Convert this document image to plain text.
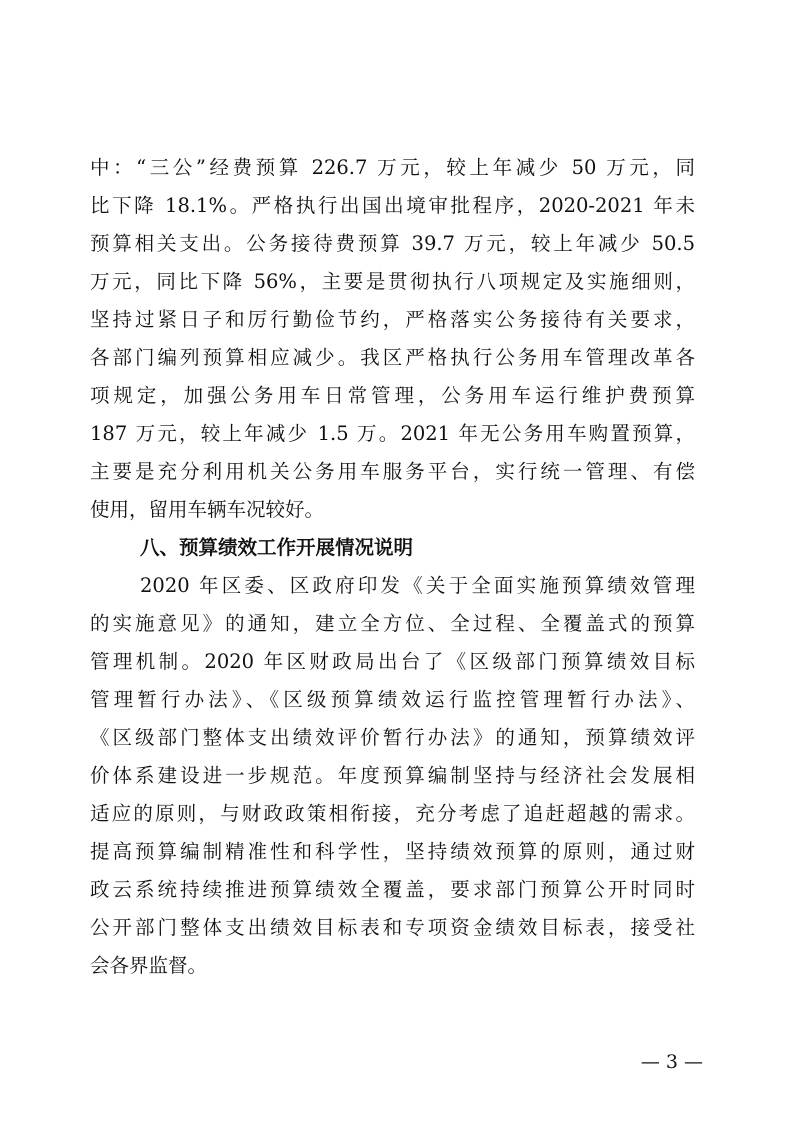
中：“三公”经费预算 226.7 万元，较上年减少 50 万元，同
比下降 18.1%。严格执行出国出境审批程序，2020-2021 年未
预算相关支出。公务接待费预算 39.7 万元，较上年减少 50.5
万元，同比下降 56%，主要是贯彻执行八项规定及实施细则，
坚持过紧日子和厉行勤俭节约，严格落实公务接待有关要求，
各部门编列预算相应减少。我区严格执行公务用车管理改革各
项规定，加强公务用车日常管理，公务用车运行维护费预算
187 万元，较上年减少 1.5 万。2021 年无公务用车购置预算，
主要是充分利用机关公务用车服务平台，实行统一管理、有偿
使用，留用车辆车况较好。
八、预算绩效工作开展情况说明
2020 年区委、区政府印发《关于全面实施预算绩效管理
的实施意见》的通知，建立全方位、全过程、全覆盖式的预算
管理机制。2020 年区财政局出台了《区级部门预算绩效目标
管理暂行办法》、《区级预算绩效运行监控管理暂行办法》、
《区级部门整体支出绩效评价暂行办法》的通知，预算绩效评
价体系建设进一步规范。年度预算编制坚持与经济社会发展相
适应的原则，与财政政策相衔接，充分考虑了追赶超越的需求。
提高预算编制精准性和科学性，坚持绩效预算的原则，通过财
政云系统持续推进预算绩效全覆盖，要求部门预算公开时同时
公开部门整体支出绩效目标表和专项资金绩效目标表，接受社
会各界监督。
— 3 —
